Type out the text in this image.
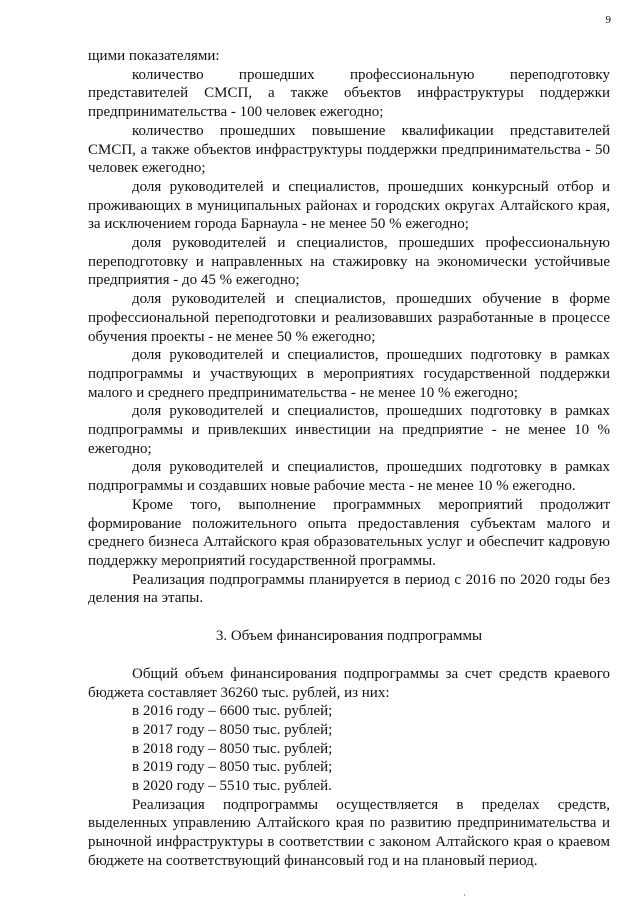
9

щими показателями:

количество прошедших профессиональную переподготовку представителей СМСП, а также объектов инфраструктуры поддержки предпринимательства - 100 человек ежегодно;

количество прошедших повышение квалификации представителей СМСП, а также объектов инфраструктуры поддержки предпринимательства - 50 человек ежегодно;

доля руководителей и специалистов, прошедших конкурсный отбор и проживающих в муниципальных районах и городских округах Алтайского края, за исключением города Барнаула - не менее 50 % ежегодно;

доля руководителей и специалистов, прошедших профессиональную переподготовку и направленных на стажировку на экономически устойчивые предприятия - до 45 % ежегодно;

доля руководителей и специалистов, прошедших обучение в форме профессиональной переподготовки и реализовавших разработанные в процессе обучения проекты - не менее 50 % ежегодно;

доля руководителей и специалистов, прошедших подготовку в рамках подпрограммы и участвующих в мероприятиях государственной поддержки малого и среднего предпринимательства - не менее 10 % ежегодно;

доля руководителей и специалистов, прошедших подготовку в рамках подпрограммы и привлекших инвестиции на предприятие - не менее 10 % ежегодно;

доля руководителей и специалистов, прошедших подготовку в рамках подпрограммы и создавших новые рабочие места - не менее 10 % ежегодно.

Кроме того, выполнение программных мероприятий продолжит формирование положительного опыта предоставления субъектам малого и среднего бизнеса Алтайского края образовательных услуг и обеспечит кадровую поддержку мероприятий государственной программы.

Реализация подпрограммы планируется в период с 2016 по 2020 годы без деления на этапы.

3. Объем финансирования подпрограммы

Общий объем финансирования подпрограммы за счет средств краевого бюджета составляет 36260 тыс. рублей, из них:

в 2016 году – 6600 тыс. рублей;

в 2017 году – 8050 тыс. рублей;

в 2018 году – 8050 тыс. рублей;

в 2019 году – 8050 тыс. рублей;

в 2020 году – 5510 тыс. рублей.

Реализация подпрограммы осуществляется в пределах средств, выделенных управлению Алтайского края по развитию предпринимательства и рыночной инфраструктуры в соответствии с законом Алтайского края о краевом бюджете на соответствующий финансовый год и на плановый период.

·
